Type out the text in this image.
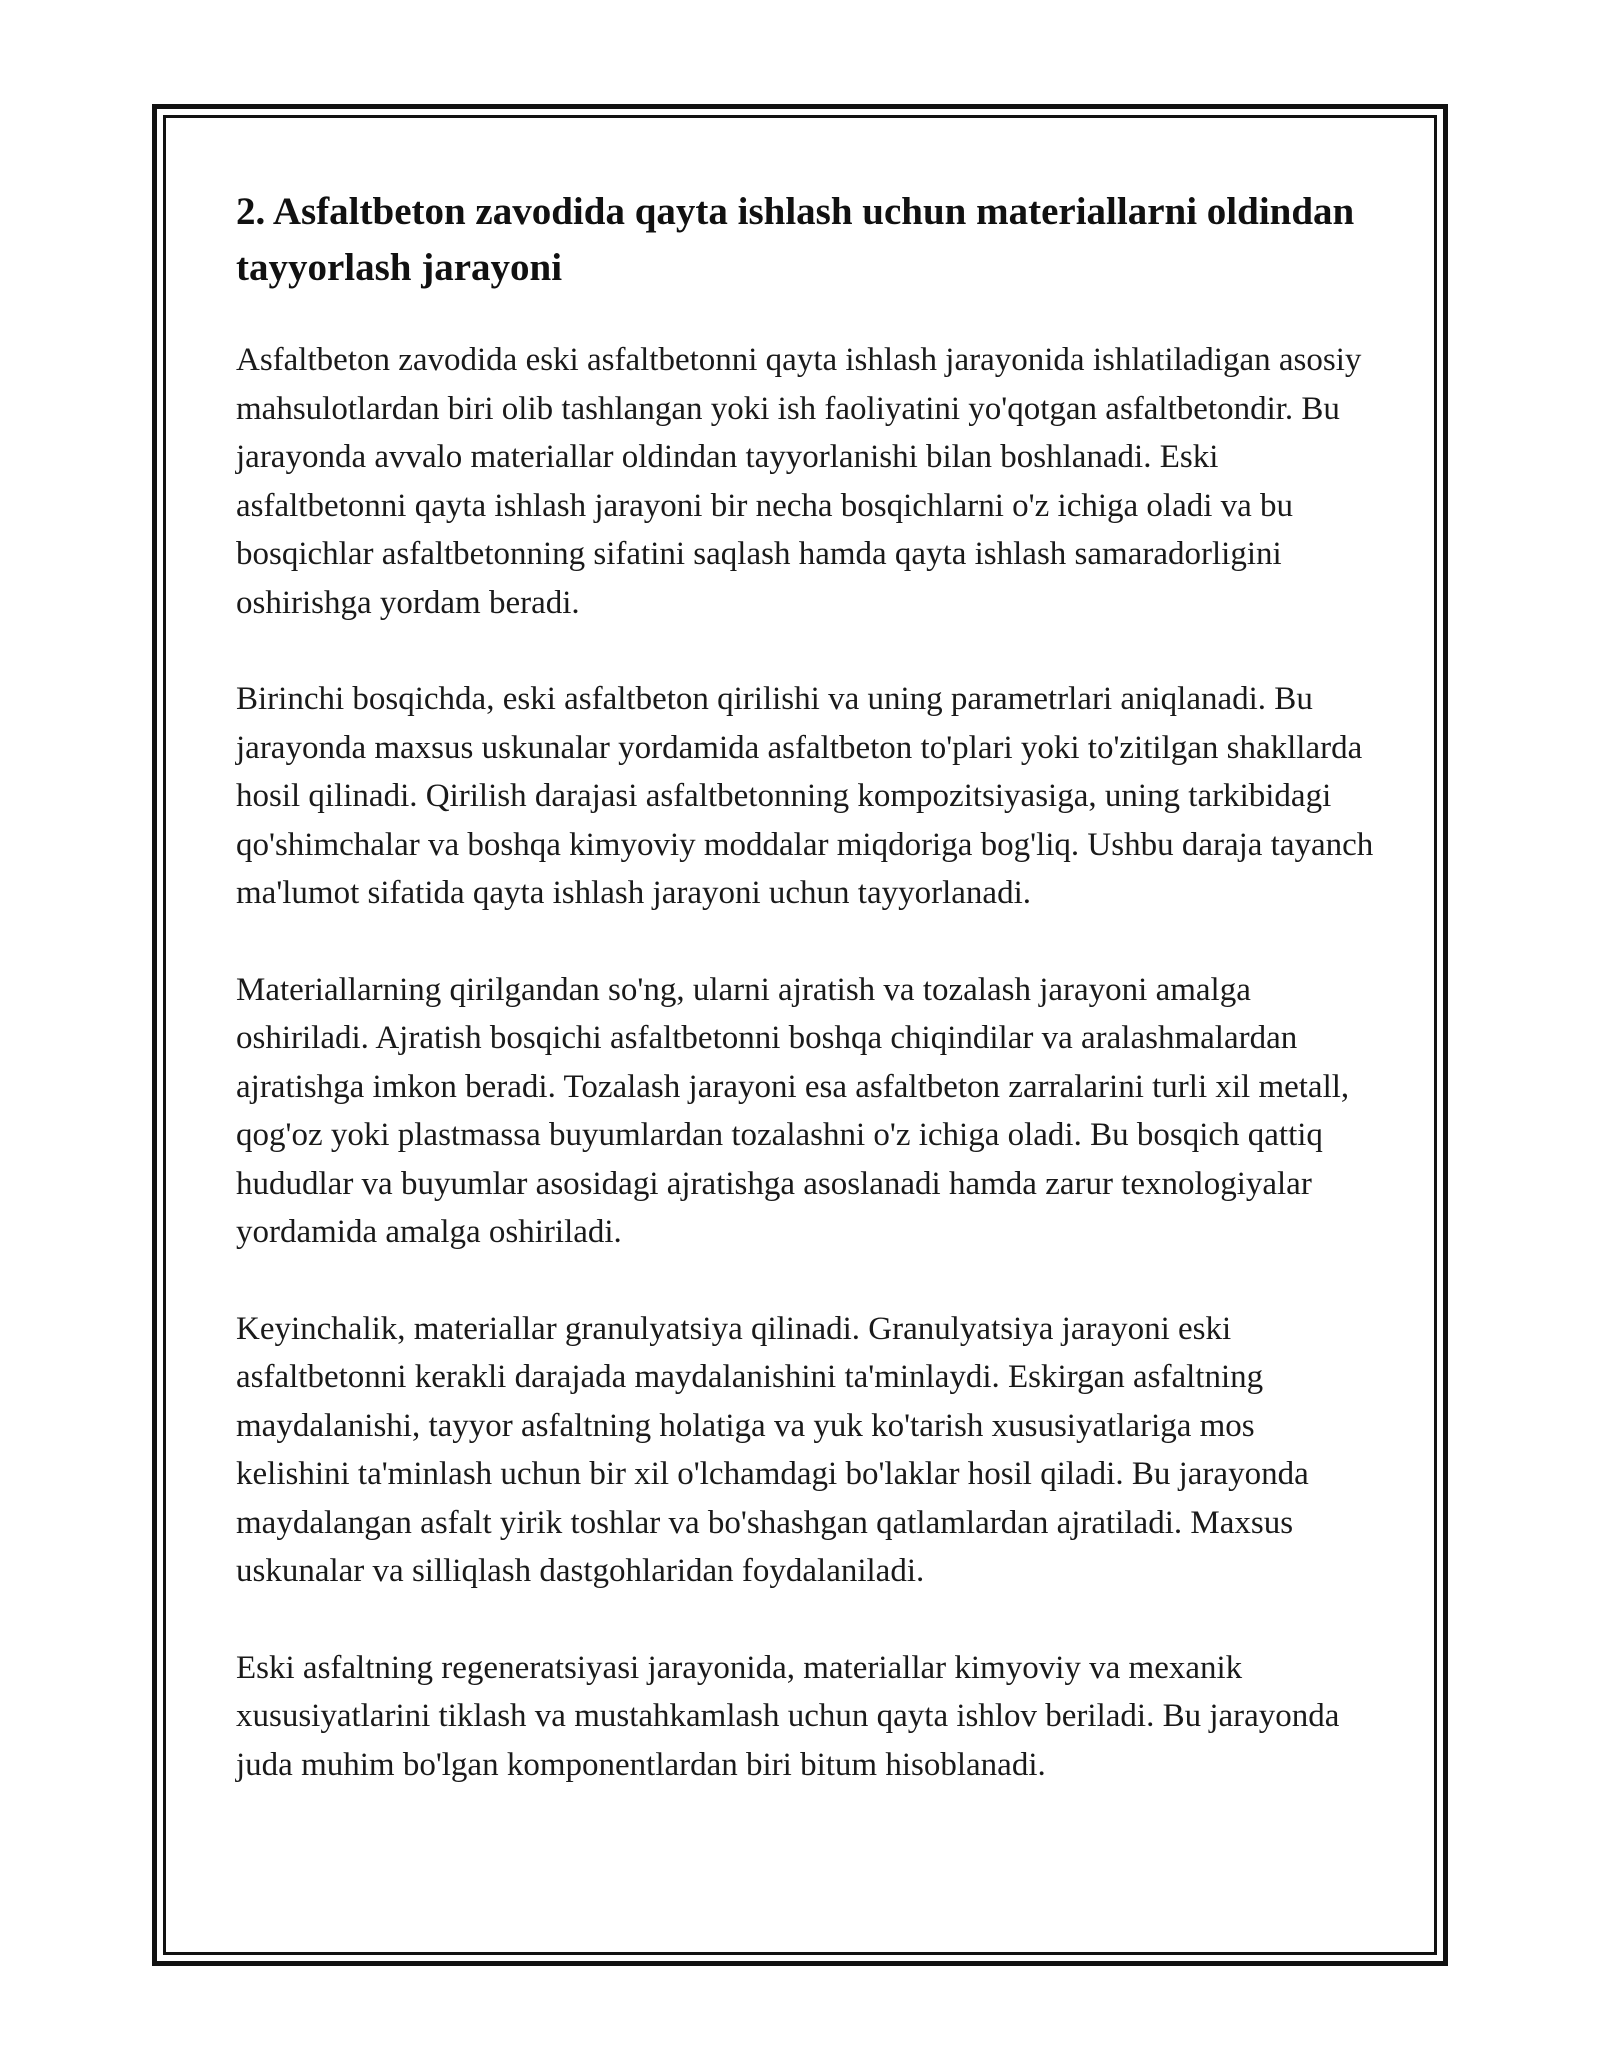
2. Asfaltbeton zavodida qayta ishlash uchun materiallarni oldindan tayyorlash jarayoni

Asfaltbeton zavodida eski asfaltbetonni qayta ishlash jarayonida ishlatiladigan asosiy mahsulotlardan biri olib tashlangan yoki ish faoliyatini yo'qotgan asfaltbetondir. Bu jarayonda avvalo materiallar oldindan tayyorlanishi bilan boshlanadi. Eski asfaltbetonni qayta ishlash jarayoni bir necha bosqichlarni o'z ichiga oladi va bu bosqichlar asfaltbetonning sifatini saqlash hamda qayta ishlash samaradorligini oshirishga yordam beradi.

Birinchi bosqichda, eski asfaltbeton qirilishi va uning parametrlari aniqlanadi. Bu jarayonda maxsus uskunalar yordamida asfaltbeton to'plari yoki to'zitilgan shakllarda hosil qilinadi. Qirilish darajasi asfaltbetonning kompozitsiyasiga, uning tarkibidagi qo'shimchalar va boshqa kimyoviy moddalar miqdoriga bog'liq. Ushbu daraja tayanch ma'lumot sifatida qayta ishlash jarayoni uchun tayyorlanadi.

Materiallarning qirilgandan so'ng, ularni ajratish va tozalash jarayoni amalga oshiriladi. Ajratish bosqichi asfaltbetonni boshqa chiqindilar va aralashmalardan ajratishga imkon beradi. Tozalash jarayoni esa asfaltbeton zarralarini turli xil metall, qog'oz yoki plastmassa buyumlardan tozalashni o'z ichiga oladi. Bu bosqich qattiq hududlar va buyumlar asosidagi ajratishga asoslanadi hamda zarur texnologiyalar yordamida amalga oshiriladi.

Keyinchalik, materiallar granulyatsiya qilinadi. Granulyatsiya jarayoni eski asfaltbetonni kerakli darajada maydalanishini ta'minlaydi. Eskirgan asfaltning maydalanishi, tayyor asfaltning holatiga va yuk ko'tarish xususiyatlariga mos kelishini ta'minlash uchun bir xil o'lchamdagi bo'laklar hosil qiladi. Bu jarayonda maydalangan asfalt yirik toshlar va bo'shashgan qatlamlardan ajratiladi. Maxsus uskunalar va silliqlash dastgohlaridan foydalaniladi.

Eski asfaltning regeneratsiyasi jarayonida, materiallar kimyoviy va mexanik xususiyatlarini tiklash va mustahkamlash uchun qayta ishlov beriladi. Bu jarayonda juda muhim bo'lgan komponentlardan biri bitum hisoblanadi.
